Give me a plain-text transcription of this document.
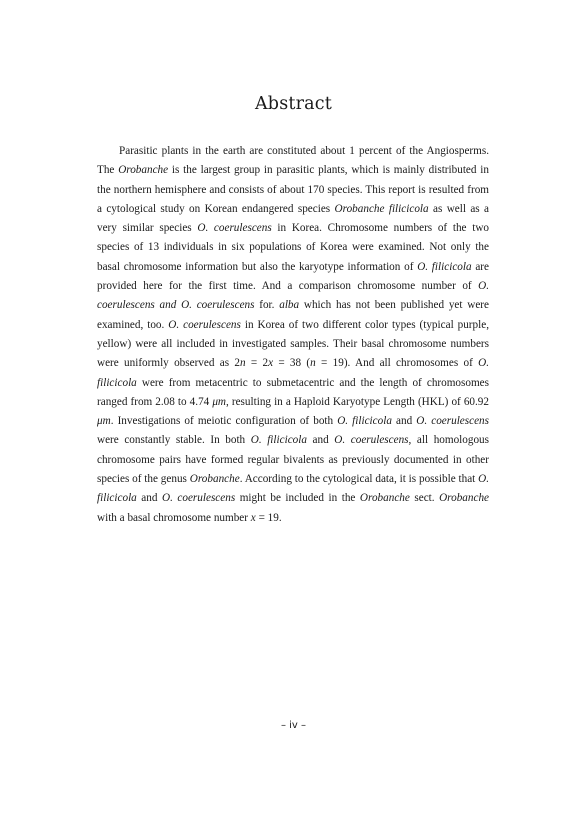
Abstract

Parasitic plants in the earth are constituted about 1 percent of the Angiosperms. The Orobanche is the largest group in parasitic plants, which is mainly distributed in the northern hemisphere and consists of about 170 species. This report is resulted from a cytological study on Korean endangered species Orobanche filicicola as well as a very similar species O. coerulescens in Korea. Chromosome numbers of the two species of 13 individuals in six populations of Korea were examined. Not only the basal chromosome information but also the karyotype information of O. filicicola are provided here for the first time. And a comparison chromosome number of O. coerulescens and O. coerulescens for. alba which has not been published yet were examined, too. O. coerulescens in Korea of two different color types (typical purple, yellow) were all included in investigated samples. Their basal chromosome numbers were uniformly observed as 2n = 2x = 38 (n = 19). And all chromosomes of O. filicicola were from metacentric to submetacentric and the length of chromosomes ranged from 2.08 to 4.74 μm, resulting in a Haploid Karyotype Length (HKL) of 60.92 μm. Investigations of meiotic configuration of both O. filicicola and O. coerulescens were constantly stable. In both O. filicicola and O. coerulescens, all homologous chromosome pairs have formed regular bivalents as previously documented in other species of the genus Orobanche. According to the cytological data, it is possible that O. filicicola and O. coerulescens might be included in the Orobanche sect. Orobanche with a basal chromosome number x = 19.

– iv –
